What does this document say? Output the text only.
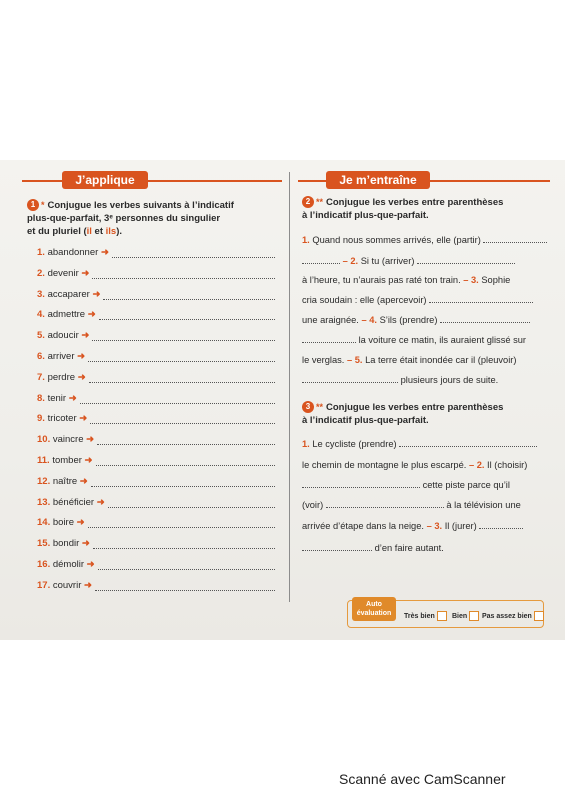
J’applique
1 * Conjugue les verbes suivants à l’indicatif
plus-que-parfait, 3ᵉ personnes du singulier
et du pluriel (il et ils).
1. abandonner ➜
2. devenir ➜
3. accaparer ➜
4. admettre ➜
5. adoucir ➜
6. arriver ➜
7. perdre ➜
8. tenir ➜
9. tricoter ➜
10. vaincre ➜
11. tomber ➜
12. naître ➜
13. bénéficier ➜
14. boire ➜
15. bondir ➜
16. démolir ➜
17. couvrir ➜
Je m’entraîne
2 ** Conjugue les verbes entre parenthèses
à l’indicatif plus-que-parfait.
1. Quand nous sommes arrivés, elle (partir)
– 2. Si tu (arriver)
à l’heure, tu n’aurais pas raté ton train. – 3. Sophie
cria soudain : elle (apercevoir)
une araignée. – 4. S’ils (prendre)
la voiture ce matin, ils auraient glissé sur
le verglas. – 5. La terre était inondée car il (pleuvoir)
plusieurs jours de suite.
3 ** Conjugue les verbes entre parenthèses
à l’indicatif plus-que-parfait.
1. Le cycliste (prendre)
le chemin de montagne le plus escarpé. – 2. Il (choisir)
cette piste parce qu’il
(voir)	à la télévision une
arrivée d’étape dans la neige. – 3. Il (jurer)
d’en faire autant.
Auto
évaluation	Très bien	Bien	Pas assez bien
Scanné avec CamScanner
